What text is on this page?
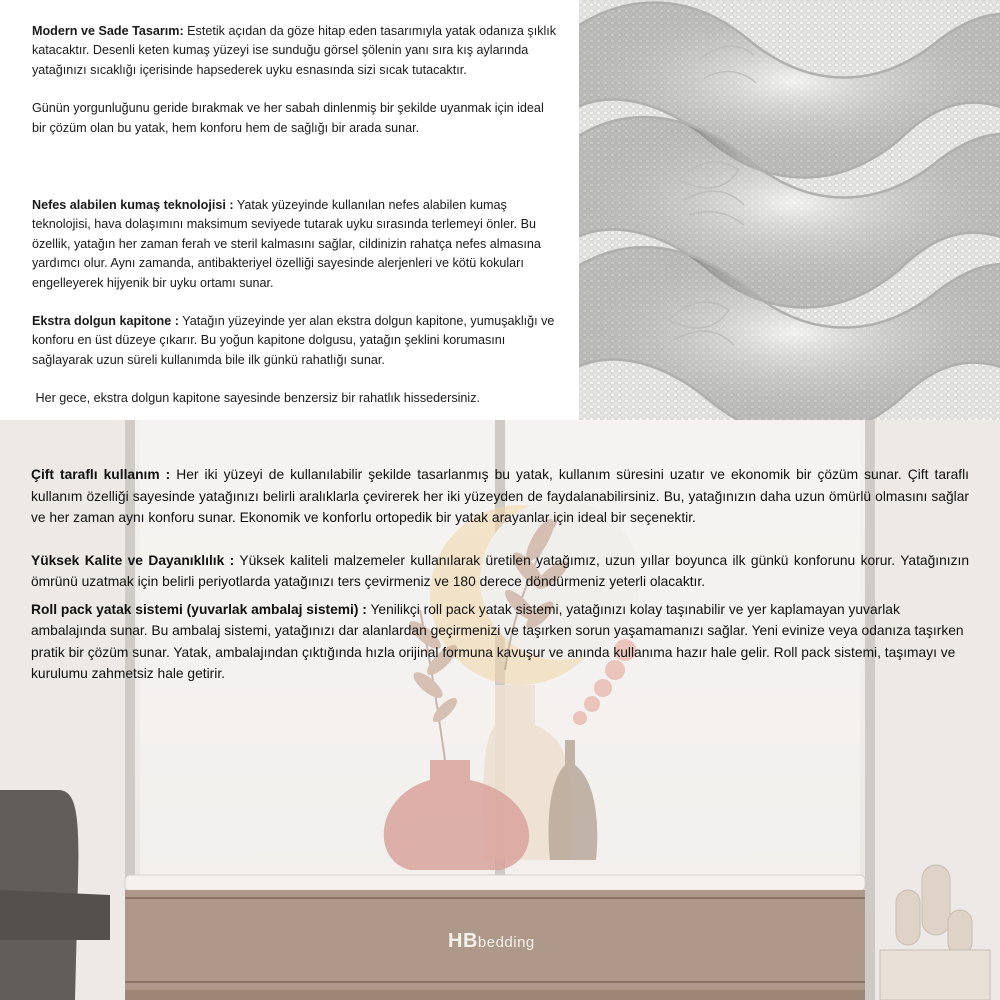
Modern ve Sade Tasarım: Estetik açıdan da göze hitap eden tasarımıyla yatak odanıza şıklık katacaktır. Desenli keten kumaş yüzeyi ise sunduğu görsel şölenin yanı sıra kış aylarında yatağınızı sıcaklığı içerisinde hapsederek uyku esnasında sizi sıcak tutacaktır.

Günün yorgunluğunu geride bırakmak ve her sabah dinlenmiş bir şekilde uyanmak için ideal bir çözüm olan bu yatak, hem konforu hem de sağlığı bir arada sunar.

Nefes alabilen kumaş teknolojisi : Yatak yüzeyinde kullanılan nefes alabilen kumaş teknolojisi, hava dolaşımını maksimum seviyede tutarak uyku sırasında terlemeyi önler. Bu özellik, yatağın her zaman ferah ve steril kalmasını sağlar, cildinizin rahatça nefes almasına yardımcı olur. Aynı zamanda, antibakteriyel özelliği sayesinde alerjenleri ve kötü kokuları engelleyerek hijyenik bir uyku ortamı sunar.

Ekstra dolgun kapitone : Yatağın yüzeyinde yer alan ekstra dolgun kapitone, yumuşaklığı ve konforu en üst düzeye çıkarır. Bu yoğun kapitone dolgusu, yatağın şeklini korumasını sağlayarak uzun süreli kullanımda bile ilk günkü rahatlığı sunar.

Her gece, ekstra dolgun kapitone sayesinde benzersiz bir rahatlık hissedersiniz.

Çift taraflı kullanım : Her iki yüzeyi de kullanılabilir şekilde tasarlanmış bu yatak, kullanım süresini uzatır ve ekonomik bir çözüm sunar. Çift taraflı kullanım özelliği sayesinde yatağınızı belirli aralıklarla çevirerek her iki yüzeyden de faydalanabilirsiniz. Bu, yatağınızın daha uzun ömürlü olmasını sağlar ve her zaman aynı konforu sunar. Ekonomik ve konforlu ortopedik bir yatak arayanlar için ideal bir seçenektir.

Yüksek Kalite ve Dayanıklılık : Yüksek kaliteli malzemeler kullanılarak üretilen yatağımız, uzun yıllar boyunca ilk günkü konforunu korur. Yatağınızın ömrünü uzatmak için belirli periyotlarda yatağınızı ters çevirmeniz ve 180 derece döndürmeniz yeterli olacaktır.

Roll pack yatak sistemi (yuvarlak ambalaj sistemi) : Yenilikçi roll pack yatak sistemi, yatağınızı kolay taşınabilir ve yer kaplamayan yuvarlak ambalajında sunar. Bu ambalaj sistemi, yatağınızı dar alanlardan geçirmenizi ve taşırken sorun yaşamamanızı sağlar. Yeni evinize veya odanıza taşırken pratik bir çözüm sunar. Yatak, ambalajından çıktığında hızla orijinal formuna kavuşur ve anında kullanıma hazır hale gelir. Roll pack sistemi, taşımayı ve kurulumu zahmetsiz hale getirir.

HBbedding
